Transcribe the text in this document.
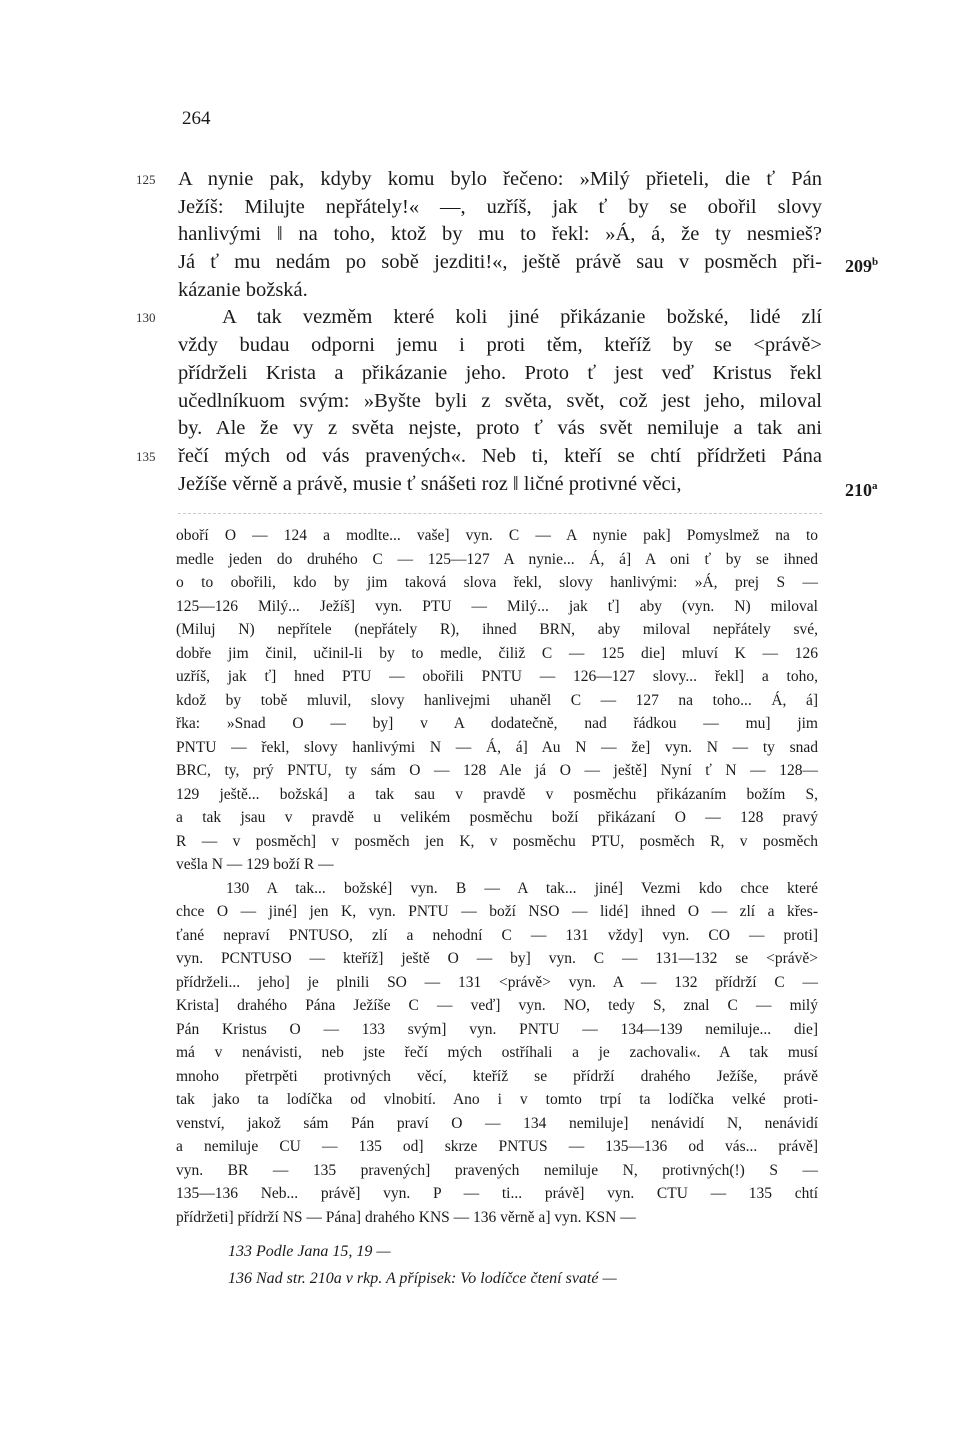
264
125	A nynie pak, kdyby komu bylo řečeno: »Milý přieteli, die ť Pán
Ježíš: Milujte nepřátely!« —, uzříš, jak ť by se obořil slovy
hanlivými ‖ na toho, ktož by mu to řekl: »Á, á, že ty nesmieš?
Já ť mu nedám po sobě jezditi!«, ještě právě sau v posměch při-
kázanie božská.
130	A tak vezměm které koli jiné přikázanie božské, lidé zlí
vždy budau odporni jemu i proti těm, kteříž by se <právě>
přídrželi Krista a přikázanie jeho. Proto ť jest veď Kristus řekl
učedlníkuom svým: »Byšte byli z světa, svět, což jest jeho, miloval
by. Ale že vy z světa nejste, proto ť vás svět nemiluje a tak ani
135	řečí mých od vás pravených«. Neb ti, kteří se chtí přídržeti Pána
Ježíše věrně a právě, musie ť snášeti roz ‖ ličné protivné věci,
209$^b$
210$^a$
oboří O — 124 a modlte... vaše] vyn. C — A nynie pak] Pomyslmež na to
medle jeden do druhého C — 125—127 A nynie... Á, á] A oni ť by se ihned
o to obořili, kdo by jim taková slova řekl, slovy hanlivými: »Á, prej S —
125—126 Milý... Ježíš] vyn. PTU — Milý... jak ť] aby (vyn. N) miloval
(Miluj N) nepřítele (nepřátely R), ihned BRN, aby miloval nepřátely své,
dobře jim činil, učinil-li by to medle, čiliž C — 125 die] mluví K — 126
uzříš, jak ť] hned PTU — obořili PNTU — 126—127 slovy... řekl] a toho,
kdož by tobě mluvil, slovy hanlivejmi uhaněl C — 127 na toho... Á, á]
řka: »Snad O — by] v A dodatečně, nad řádkou — mu] jim
PNTU — řekl, slovy hanlivými N — Á, á] Au N — že] vyn. N — ty snad
BRC, ty, prý PNTU, ty sám O — 128 Ale já O — ještě] Nyní ť N — 128—
129 ještě... božská] a tak sau v pravdě v posměchu přikázaním božím S,
a tak jsau v pravdě u velikém posměchu boží přikázaní O — 128 pravý
R — v posměch] v posměch jen K, v posměchu PTU, posměch R, v posměch
vešla N — 129 boží R —
130 A tak... božské] vyn. B — A tak... jiné] Vezmi kdo chce které
chce O — jiné] jen K, vyn. PNTU — boží NSO — lidé] ihned O — zlí a křes-
ťané nepraví PNTUSO, zlí a nehodní C — 131 vždy] vyn. CO — proti]
vyn. PCNTUSO — kteříž] ještě O — by] vyn. C — 131—132 se <právě>
přídrželi... jeho] je plnili SO — 131 <právě> vyn. A — 132 přídrží C —
Krista] drahého Pána Ježíše C — veď] vyn. NO, tedy S, znal C — milý
Pán Kristus O — 133 svým] vyn. PNTU — 134—139 nemiluje... die]
má v nenávisti, neb jste řečí mých ostříhali a je zachovali«. A tak musí
mnoho přetrpěti protivných věcí, kteříž se přídrží drahého Ježíše, právě
tak jako ta lodíčka od vlnobití. Ano i v tomto trpí ta lodíčka velké proti-
venství, jakož sám Pán praví O — 134 nemiluje] nenávidí N, nenávidí
a nemiluje CU — 135 od] skrze PNTUS — 135—136 od vás... právě]
vyn. BR — 135 pravených] pravených nemiluje N, protivných(!) S —
135—136 Neb... právě] vyn. P — ti... právě] vyn. CTU — 135 chtí
přídržeti] přídrží NS — Pána] drahého KNS — 136 věrně a] vyn. KSN —
133 Podle Jana 15, 19 —
136 Nad str. 210a v rkp. A přípisek: Vo lodíčce čtení svaté —
